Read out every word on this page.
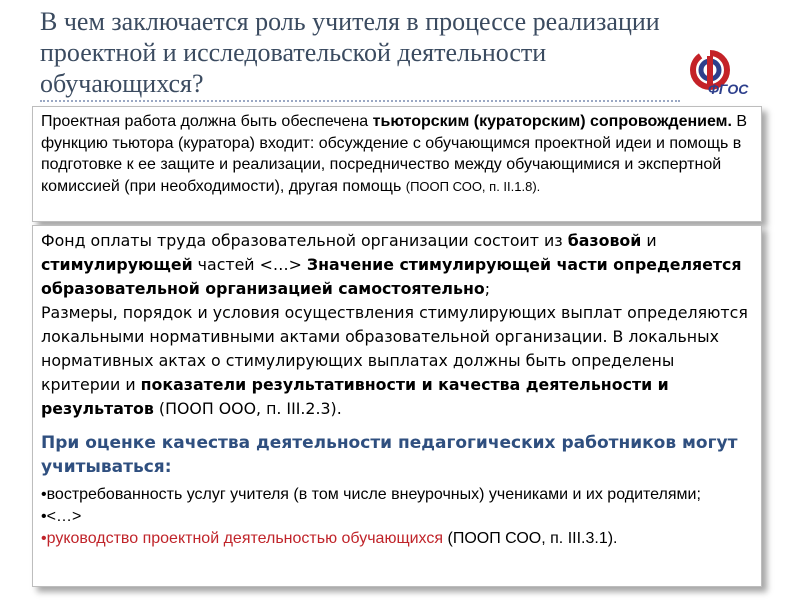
В чем заключается роль учителя в процессе реализации проектной и исследовательской деятельности обучающихся?	ФГОС

Проектная работа должна быть обеспечена тьюторским (кураторским) сопровождением. В функцию тьютора (куратора) входит: обсуждение с обучающимся проектной идеи и помощь в подготовке к ее защите и реализации, посредничество между обучающимися и экспертной комиссией (при необходимости), другая помощь (ПООП СОО, п. II.1.8).

Фонд оплаты труда образовательной организации состоит из базовой и стимулирующей частей <…> Значение стимулирующей части определяется образовательной организацией самостоятельно;
Размеры, порядок и условия осуществления стимулирующих выплат определяются локальными нормативными актами образовательной организации. В локальных нормативных актах о стимулирующих выплатах должны быть определены критерии и показатели результативности и качества деятельности и результатов (ПООП ООО, п. III.2.3).

При оценке качества деятельности педагогических работников могут учитываться:

•востребованность услуг учителя (в том числе внеурочных) учениками и их родителями;
•<…>
•руководство проектной деятельностью обучающихся (ПООП СОО, п. III.3.1).
